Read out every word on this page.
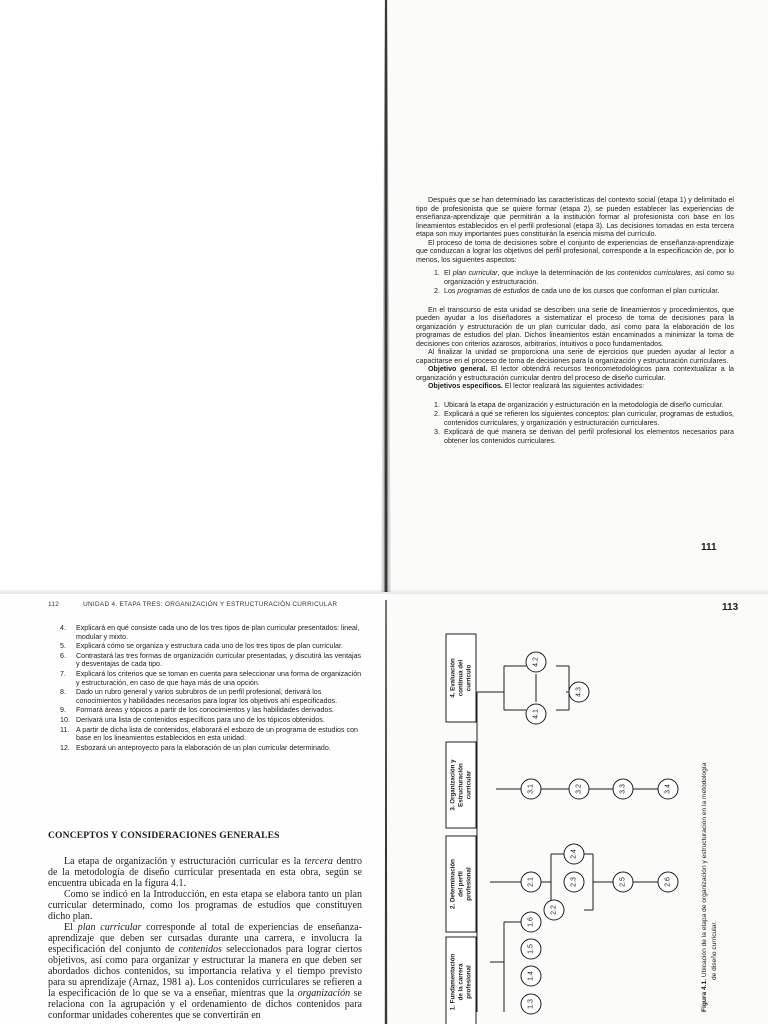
Después que se han determinado las características del contexto social (etapa 1) y delimitado el tipo de profesionista que se quiere formar (etapa 2), se pueden establecer las experiencias de enseñanza-aprendizaje que permitirán a la institución formar al profesionista con base en los lineamientos establecidos en el perfil profesional (etapa 3). Las decisiones tomadas en esta tercera etapa son muy importantes pues constituirán la esencia misma del currículo.

El proceso de toma de decisiones sobre el conjunto de experiencias de enseñanza-aprendizaje que conduzcan a lograr los objetivos del perfil profesional, corresponde a la especificación de, por lo menos, los siguientes aspectos:

1. El plan curricular, que incluye la determinación de los contenidos curriculares, así como su organización y estructuración.
2. Los programas de estudios de cada uno de los cursos que conforman el plan curricular.

En el transcurso de esta unidad se describen una serie de lineamientos y procedimientos, que pueden ayudar a los diseñadores a sistematizar el proceso de toma de decisiones para la organización y estructuración de un plan curricular dado, así como para la elaboración de los programas de estudios del plan. Dichos lineamientos están encaminados a minimizar la toma de decisiones con criterios azarosos, arbitrarios, intuitivos o poco fundamentados.

Al finalizar la unidad se proporciona una serie de ejercicios que pueden ayudar al lector a capacitarse en el proceso de toma de decisiones para la organización y estructuración curriculares.

Objetivo general. El lector obtendrá recursos teoricometodológicos para contextualizar a la organización y estructuración curricular dentro del proceso de diseño curricular.

Objetivos específicos. El lector realizará las siguientes actividades:

1. Ubicará la etapa de organización y estructuración en la metodología de diseño curricular.
2. Explicará a qué se refieren los siguientes conceptos: plan curricular, programas de estudios, contenidos curriculares, y organización y estructuración curriculares.
3. Explicará de qué manera se derivan del perfil profesional los elementos necesarios para obtener los contenidos curriculares.
111
112	UNIDAD 4. ETAPA TRES: ORGANIZACIÓN Y ESTRUCTURACIÓN CURRICULAR
4. Explicará en qué consiste cada uno de los tres tipos de plan curricular presentados: lineal, modular y mixto.
5. Explicará cómo se organiza y estructura cada uno de los tres tipos de plan curricular.
6. Contrastará las tres formas de organización curricular presentadas, y discutirá las ventajas y desventajas de cada tipo.
7. Explicará los criterios que se toman en cuenta para seleccionar una forma de organización y estructuración, en caso de que haya más de una opción.
8. Dado un rubro general y varios subrubros de un perfil profesional, derivará los conocimientos y habilidades necesarios para lograr los objetivos ahí especificados.
9. Formará áreas y tópicos a partir de los conocimientos y las habilidades derivados.
10. Derivará una lista de contenidos específicos para uno de los tópicos obtenidos.
11. A partir de dicha lista de contenidos, elaborará el esbozo de un programa de estudios con base en los lineamientos establecidos en esta unidad.
12. Esbozará un anteproyecto para la elaboración de un plan curricular determinado.
CONCEPTOS Y CONSIDERACIONES GENERALES

La etapa de organización y estructuración curricular es la tercera dentro de la metodología de diseño curricular presentada en esta obra, según se encuentra ubicada en la figura 4.1.

Como se indicó en la Introducción, en esta etapa se elabora tanto un plan curricular determinado, como los programas de estudios que constituyen dicho plan.

El plan curricular corresponde al total de experiencias de enseñanza-aprendizaje que deben ser cursadas durante una carrera, e involucra la especificación del conjunto de contenidos seleccionados para lograr ciertos objetivos, así como para organizar y estructurar la manera en que deben ser abordados dichos contenidos, su importancia relativa y el tiempo previsto para su aprendizaje (Arnaz, 1981 a). Los contenidos curriculares se refieren a la especificación de lo que se va a enseñar, mientras que la organización se relaciona con la agrupación y el ordenamiento de dichos contenidos para conformar unidades coherentes que se convertirán en

113
1. Fundamentación de la carrera profesional
2. Determinación del perfil profesional
3. Organización y Estructuración curricular
4. Evaluación continua del currículo
1.3
1.4
1.5
1.6
2.1
2.2
2.3
2.4
2.5	2.6
3.1	3.2	3.3	3.4
4.1
4.2
4.3
Figura 4.1. Ubicación de la etapa de organización y estructuración en la metodología de diseño curricular.
